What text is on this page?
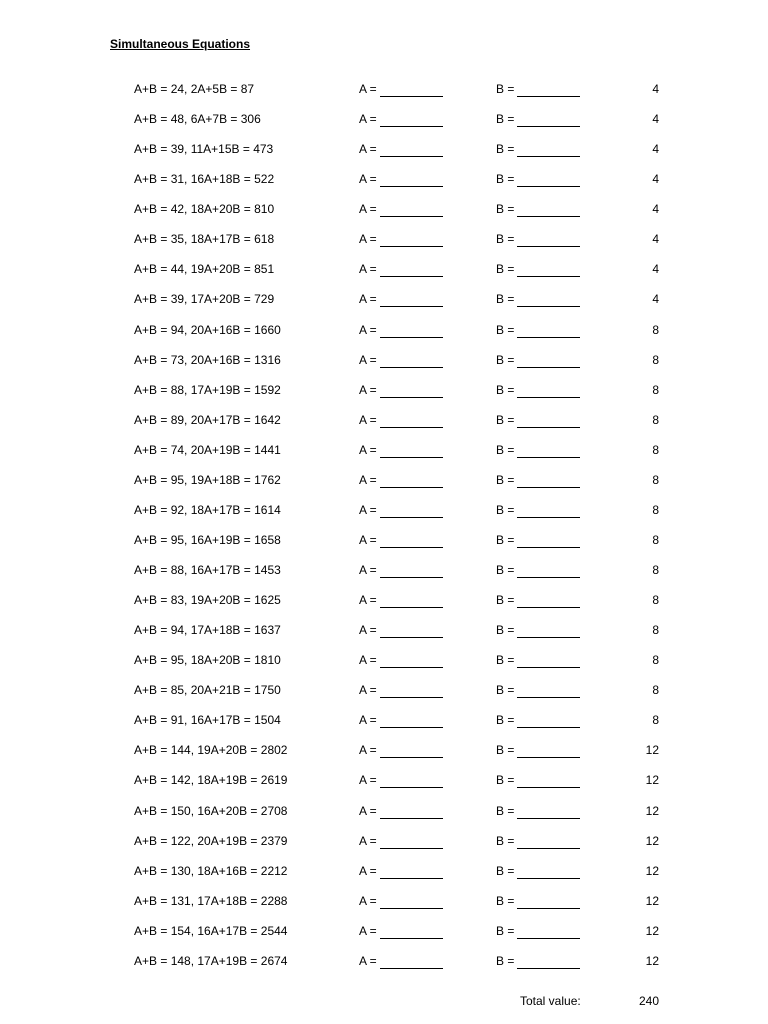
Simultaneous Equations
A+B = 24, 2A+5B = 87	A =	B =	4
A+B = 48, 6A+7B = 306	A =	B =	4
A+B = 39, 11A+15B = 473	A =	B =	4
A+B = 31, 16A+18B = 522	A =	B =	4
A+B = 42, 18A+20B = 810	A =	B =	4
A+B = 35, 18A+17B = 618	A =	B =	4
A+B = 44, 19A+20B = 851	A =	B =	4
A+B = 39, 17A+20B = 729	A =	B =	4
A+B = 94, 20A+16B = 1660	A =	B =	8
A+B = 73, 20A+16B = 1316	A =	B =	8
A+B = 88, 17A+19B = 1592	A =	B =	8
A+B = 89, 20A+17B = 1642	A =	B =	8
A+B = 74, 20A+19B = 1441	A =	B =	8
A+B = 95, 19A+18B = 1762	A =	B =	8
A+B = 92, 18A+17B = 1614	A =	B =	8
A+B = 95, 16A+19B = 1658	A =	B =	8
A+B = 88, 16A+17B = 1453	A =	B =	8
A+B = 83, 19A+20B = 1625	A =	B =	8
A+B = 94, 17A+18B = 1637	A =	B =	8
A+B = 95, 18A+20B = 1810	A =	B =	8
A+B = 85, 20A+21B = 1750	A =	B =	8
A+B = 91, 16A+17B = 1504	A =	B =	8
A+B = 144, 19A+20B = 2802	A =	B =	12
A+B = 142, 18A+19B = 2619	A =	B =	12
A+B = 150, 16A+20B = 2708	A =	B =	12
A+B = 122, 20A+19B = 2379	A =	B =	12
A+B = 130, 18A+16B = 2212	A =	B =	12
A+B = 131, 17A+18B = 2288	A =	B =	12
A+B = 154, 16A+17B = 2544	A =	B =	12
A+B = 148, 17A+19B = 2674	A =	B =	12
Total value:	240
